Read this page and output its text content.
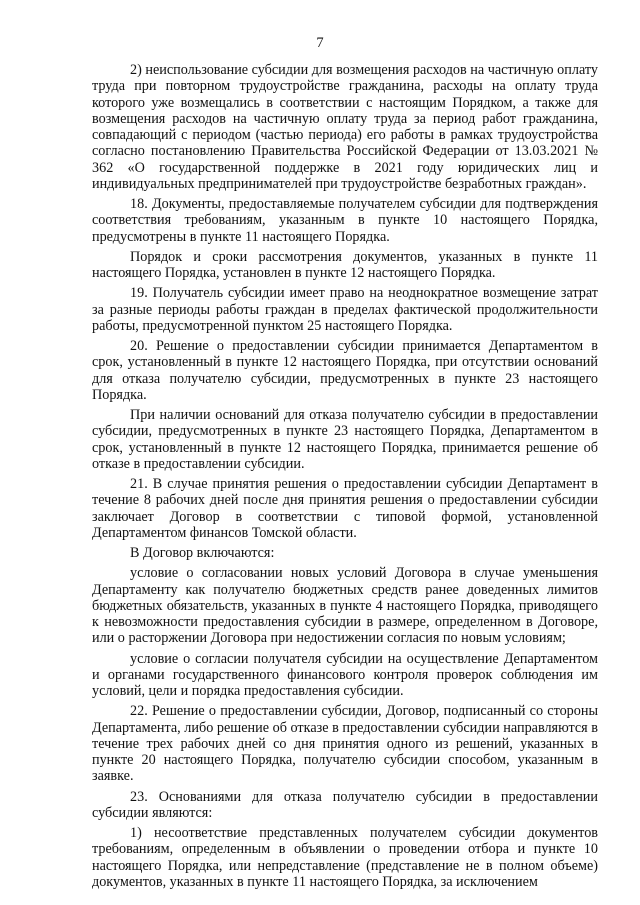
7

2) неиспользование субсидии для возмещения расходов на частичную оплату труда при повторном трудоустройстве гражданина, расходы на оплату труда которого уже возмещались в соответствии с настоящим Порядком, а также для возмещения расходов на частичную оплату труда за период работ гражданина, совпадающий с периодом (частью периода) его работы в рамках трудоустройства согласно постановлению Правительства Российской Федерации от 13.03.2021 № 362 «О государственной поддержке в 2021 году юридических лиц и индивидуальных предпринимателей при трудоустройстве безработных граждан».

18. Документы, предоставляемые получателем субсидии для подтверждения соответствия требованиям, указанным в пункте 10 настоящего Порядка, предусмотрены в пункте 11 настоящего Порядка.

Порядок и сроки рассмотрения документов, указанных в пункте 11 настоящего Порядка, установлен в пункте 12 настоящего Порядка.

19. Получатель субсидии имеет право на неоднократное возмещение затрат за разные периоды работы граждан в пределах фактической продолжительности работы, предусмотренной пунктом 25 настоящего Порядка.

20. Решение о предоставлении субсидии принимается Департаментом в срок, установленный в пункте 12 настоящего Порядка, при отсутствии оснований для отказа получателю субсидии, предусмотренных в пункте 23 настоящего Порядка.

При наличии оснований для отказа получателю субсидии в предоставлении субсидии, предусмотренных в пункте 23 настоящего Порядка, Департаментом в срок, установленный в пункте 12 настоящего Порядка, принимается решение об отказе в предоставлении субсидии.

21. В случае принятия решения о предоставлении субсидии Департамент в течение 8 рабочих дней после дня принятия решения о предоставлении субсидии заключает Договор в соответствии с типовой формой, установленной Департаментом финансов Томской области.

В Договор включаются:

условие о согласовании новых условий Договора в случае уменьшения Департаменту как получателю бюджетных средств ранее доведенных лимитов бюджетных обязательств, указанных в пункте 4 настоящего Порядка, приводящего к невозможности предоставления субсидии в размере, определенном в Договоре, или о расторжении Договора при недостижении согласия по новым условиям;

условие о согласии получателя субсидии на осуществление Департаментом и органами государственного финансового контроля проверок соблюдения им условий, цели и порядка предоставления субсидии.

22. Решение о предоставлении субсидии, Договор, подписанный со стороны Департамента, либо решение об отказе в предоставлении субсидии направляются в течение трех рабочих дней со дня принятия одного из решений, указанных в пункте 20 настоящего Порядка, получателю субсидии способом, указанным в заявке.

23. Основаниями для отказа получателю субсидии в предоставлении субсидии являются:

1) несоответствие представленных получателем субсидии документов требованиям, определенным в объявлении о проведении отбора и пункте 10 настоящего Порядка, или непредставление (представление не в полном объеме) документов, указанных в пункте 11 настоящего Порядка, за исключением
